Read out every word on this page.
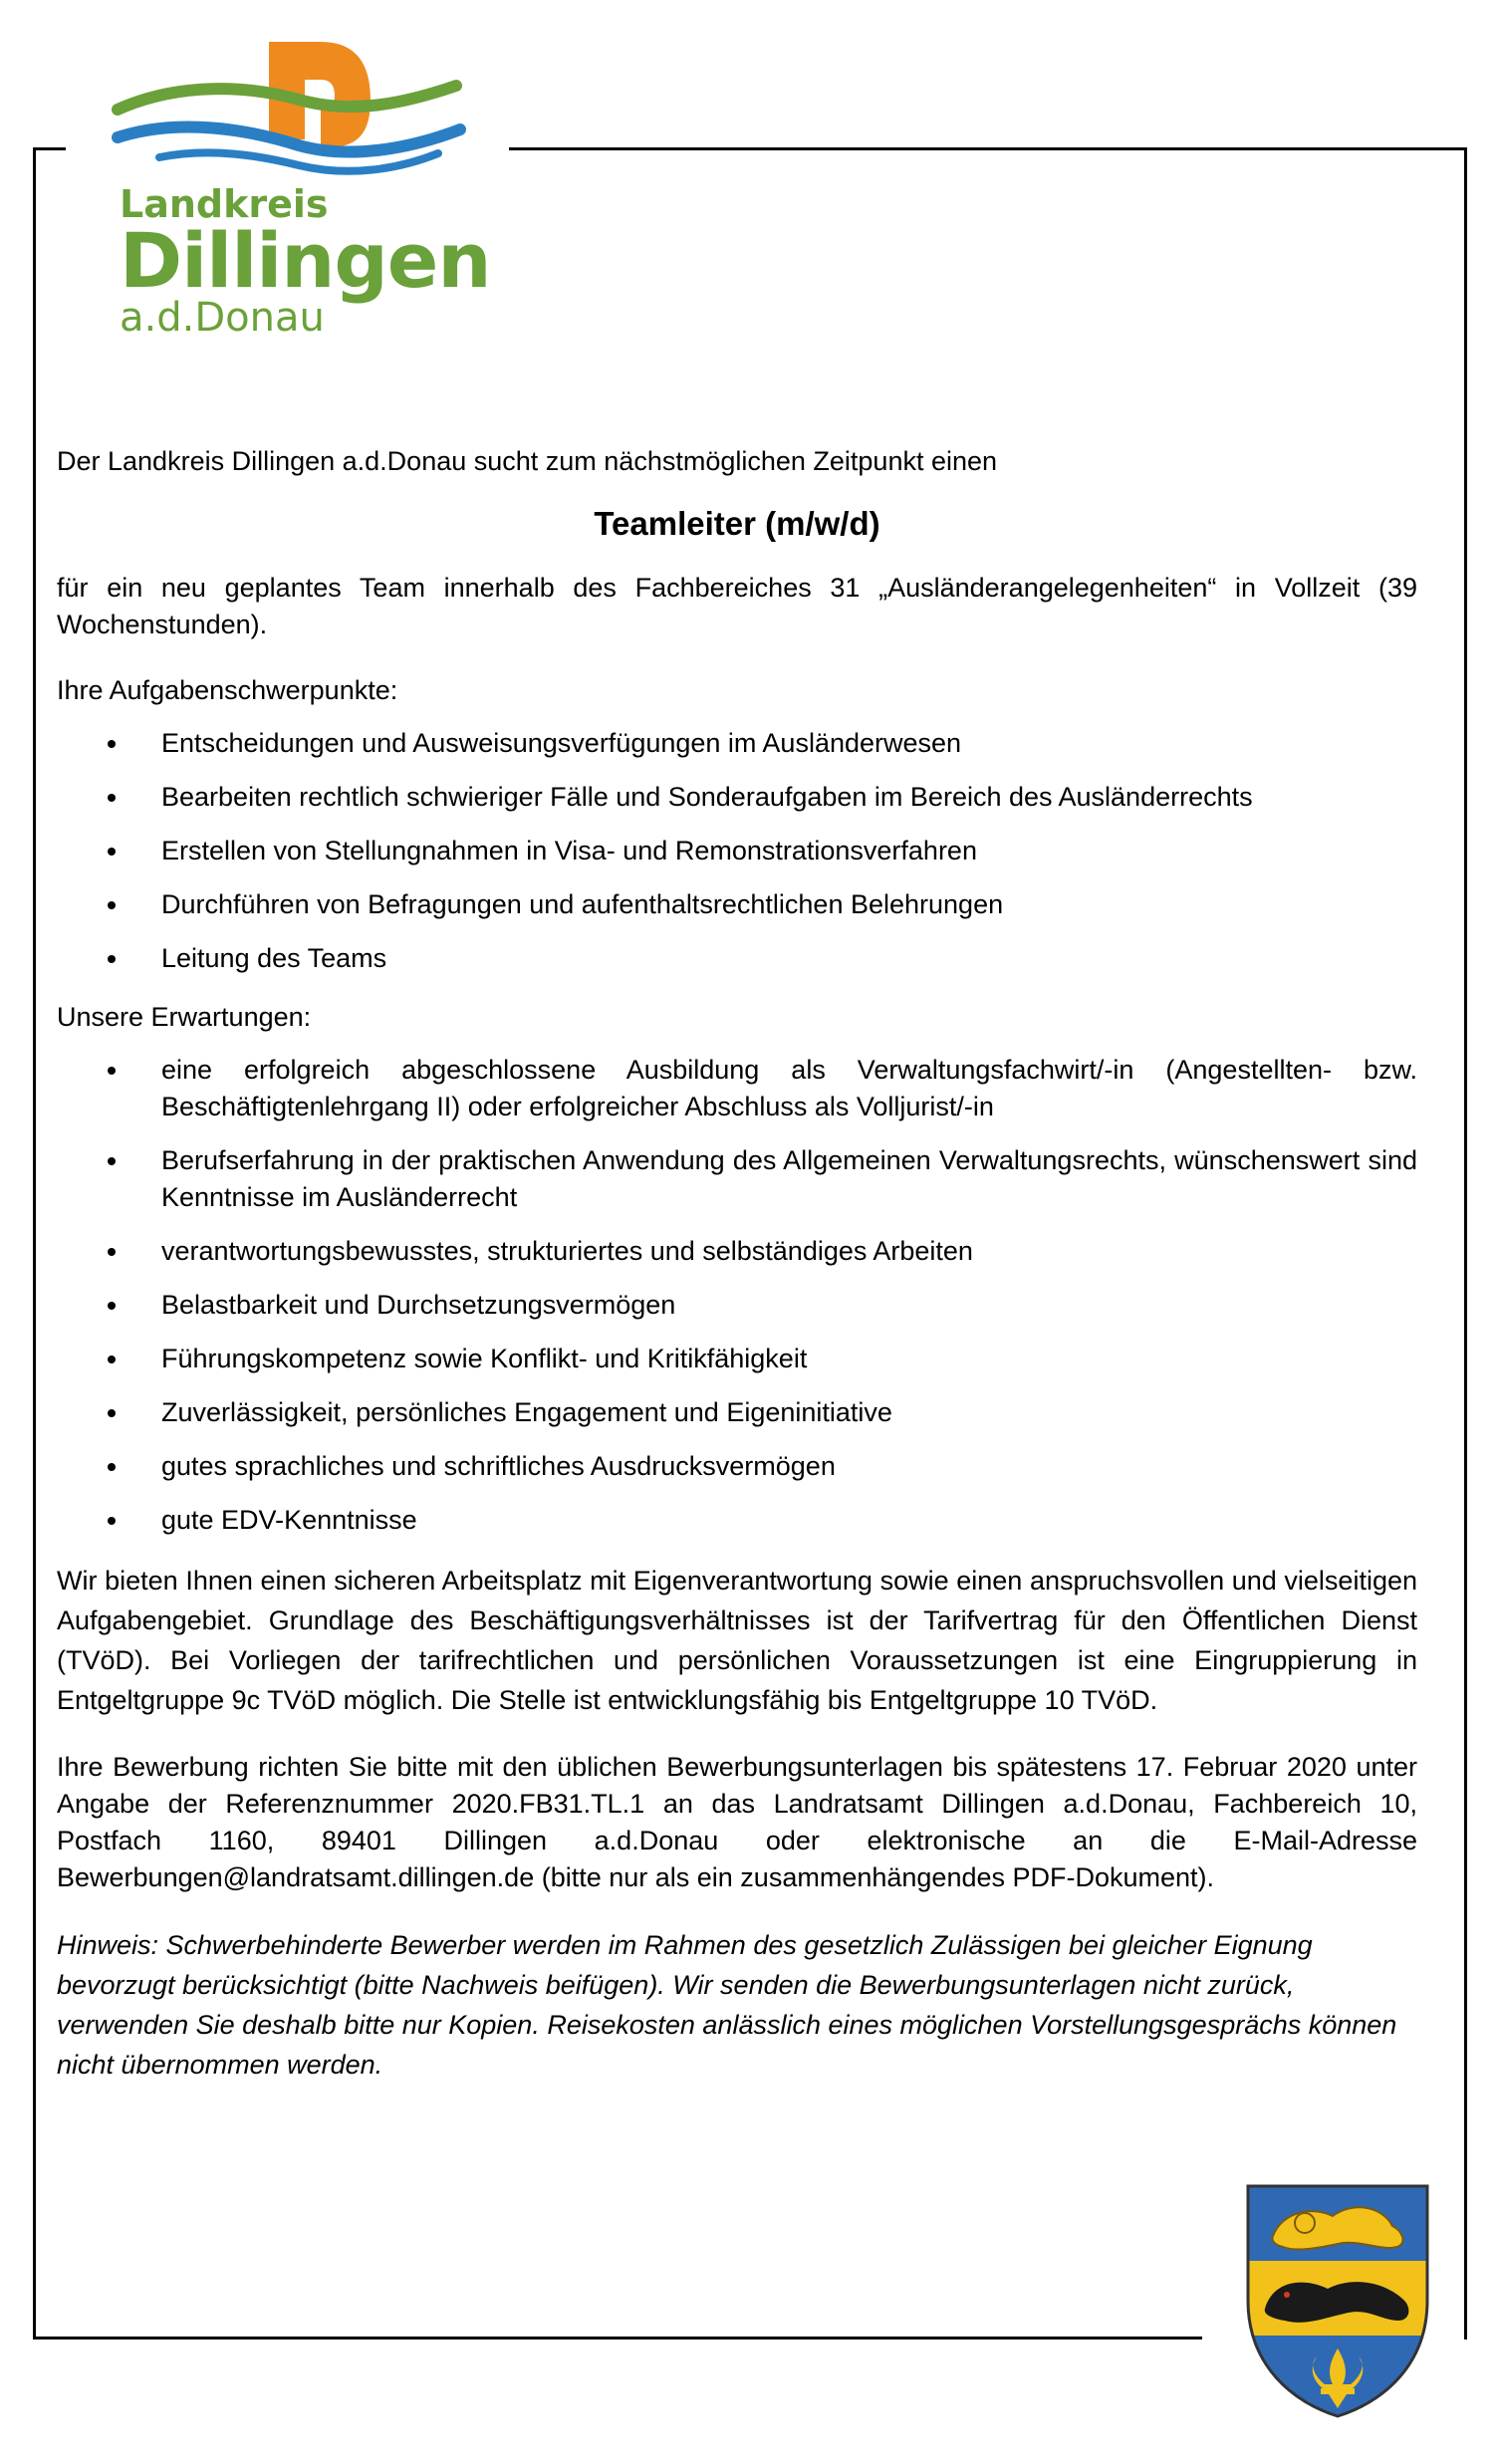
Landkreis
Dillingen
a.d.Donau

Der Landkreis Dillingen a.d.Donau sucht zum nächstmöglichen Zeitpunkt einen

Teamleiter (m/w/d)

für ein neu geplantes Team innerhalb des Fachbereiches 31 „Ausländerangelegenheiten“ in Vollzeit (39 Wochenstunden).

Ihre Aufgabenschwerpunkte:

Entscheidungen und Ausweisungsverfügungen im Ausländerwesen
Bearbeiten rechtlich schwieriger Fälle und Sonderaufgaben im Bereich des Ausländerrechts
Erstellen von Stellungnahmen in Visa- und Remonstrationsverfahren
Durchführen von Befragungen und aufenthaltsrechtlichen Belehrungen
Leitung des Teams

Unsere Erwartungen:

eine erfolgreich abgeschlossene Ausbildung als Verwaltungsfachwirt/-in (Angestellten- bzw. Beschäftigtenlehrgang II) oder erfolgreicher Abschluss als Volljurist/-in
Berufserfahrung in der praktischen Anwendung des Allgemeinen Verwaltungsrechts, wünschenswert sind Kenntnisse im Ausländerrecht
verantwortungsbewusstes, strukturiertes und selbständiges Arbeiten
Belastbarkeit und Durchsetzungsvermögen
Führungskompetenz sowie Konflikt- und Kritikfähigkeit
Zuverlässigkeit, persönliches Engagement und Eigeninitiative
gutes sprachliches und schriftliches Ausdrucksvermögen
gute EDV-Kenntnisse

Wir bieten Ihnen einen sicheren Arbeitsplatz mit Eigenverantwortung sowie einen anspruchsvollen und vielseitigen Aufgabengebiet. Grundlage des Beschäftigungsverhältnisses ist der Tarifvertrag für den Öffentlichen Dienst (TVöD). Bei Vorliegen der tarifrechtlichen und persönlichen Voraussetzungen ist eine Eingruppierung in Entgeltgruppe 9c TVöD möglich. Die Stelle ist entwicklungsfähig bis Entgeltgruppe 10 TVöD.

Ihre Bewerbung richten Sie bitte mit den üblichen Bewerbungsunterlagen bis spätestens 17. Februar 2020 unter Angabe der Referenznummer 2020.FB31.TL.1 an das Landratsamt Dillingen a.d.Donau, Fachbereich 10, Postfach 1160, 89401 Dillingen a.d.Donau oder elektronische an die E-Mail-Adresse Bewerbungen@landratsamt.dillingen.de (bitte nur als ein zusammenhängendes PDF-Dokument).

Hinweis: Schwerbehinderte Bewerber werden im Rahmen des gesetzlich Zulässigen bei gleicher Eignung bevorzugt berücksichtigt (bitte Nachweis beifügen). Wir senden die Bewerbungsunterlagen nicht zurück, verwenden Sie deshalb bitte nur Kopien. Reisekosten anlässlich eines möglichen Vorstellungsgesprächs können nicht übernommen werden.
